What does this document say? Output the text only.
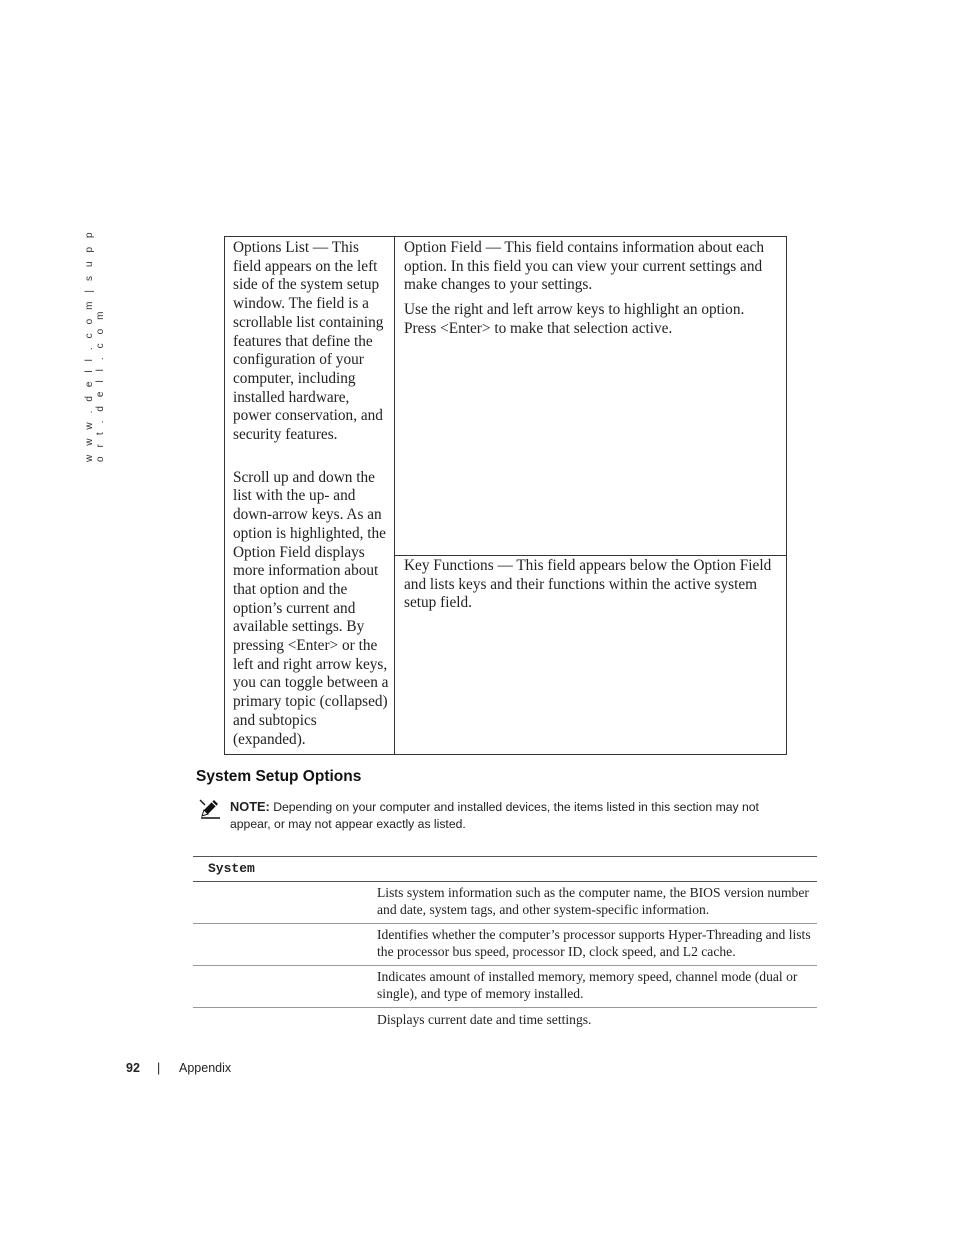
w w w . d e l l . c o m | s u p p o r t . d e l l . c o m

Options List — This field appears on the left side of the system setup window. The field is a scrollable list containing features that define the configuration of your computer, including installed hardware, power conservation, and security features.

Scroll up and down the list with the up- and down-arrow keys. As an option is highlighted, the Option Field displays more information about that option and the option’s current and available settings. By pressing <Enter> or the left and right arrow keys, you can toggle between a primary topic (collapsed) and subtopics (expanded).

Option Field — This field contains information about each option. In this field you can view your current settings and make changes to your settings.

Use the right and left arrow keys to highlight an option. Press <Enter> to make that selection active.

Key Functions — This field appears below the Option Field and lists keys and their functions within the active system setup field.

System Setup Options
NOTE: Depending on your computer and installed devices, the items listed in this section may not appear, or may not appear exactly as listed.
System
Lists system information such as the computer name, the BIOS version number and date, system tags, and other system-specific information.
Identifies whether the computer’s processor supports Hyper-Threading and lists the processor bus speed, processor ID, clock speed, and L2 cache.
Indicates amount of installed memory, memory speed, channel mode (dual or single), and type of memory installed.
Displays current date and time settings.
92 | Appendix
